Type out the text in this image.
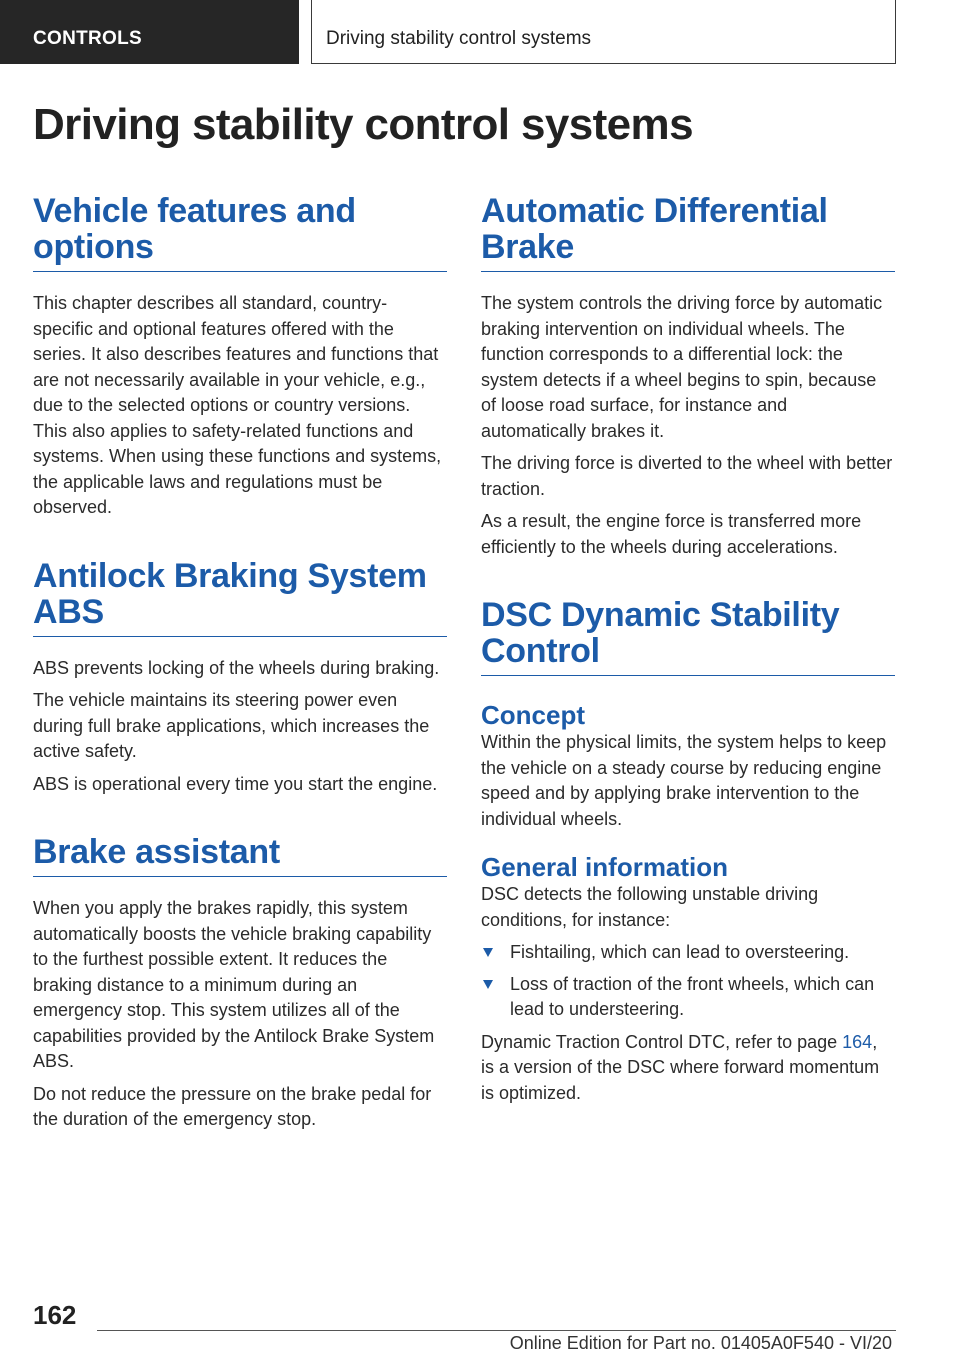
CONTROLS	Driving stability control systems
Driving stability control systems
Vehicle features and options

This chapter describes all standard, country-specific and optional features offered with the series. It also describes features and functions that are not necessarily available in your vehicle, e.g., due to the selected options or country versions. This also applies to safety-related functions and systems. When using these functions and systems, the applicable laws and regulations must be observed.

Antilock Braking System ABS

ABS prevents locking of the wheels during braking.

The vehicle maintains its steering power even during full brake applications, which increases the active safety.

ABS is operational every time you start the engine.

Brake assistant

When you apply the brakes rapidly, this system automatically boosts the vehicle braking capability to the furthest possible extent. It reduces the braking distance to a minimum during an emergency stop. This system utilizes all of the capabilities provided by the Antilock Brake System ABS.

Do not reduce the pressure on the brake pedal for the duration of the emergency stop.

Automatic Differential Brake

The system controls the driving force by automatic braking intervention on individual wheels. The function corresponds to a differential lock: the system detects if a wheel begins to spin, because of loose road surface, for instance and automatically brakes it.

The driving force is diverted to the wheel with better traction.

As a result, the engine force is transferred more efficiently to the wheels during accelerations.

DSC Dynamic Stability Control
Concept

Within the physical limits, the system helps to keep the vehicle on a steady course by reducing engine speed and by applying brake intervention to the individual wheels.

General information

DSC detects the following unstable driving conditions, for instance:

Fishtailing, which can lead to oversteering.
Loss of traction of the front wheels, which can lead to understeering.

Dynamic Traction Control DTC, refer to page 164, is a version of the DSC where forward momentum is optimized.

162
Online Edition for Part no. 01405A0F540 - VI/20
